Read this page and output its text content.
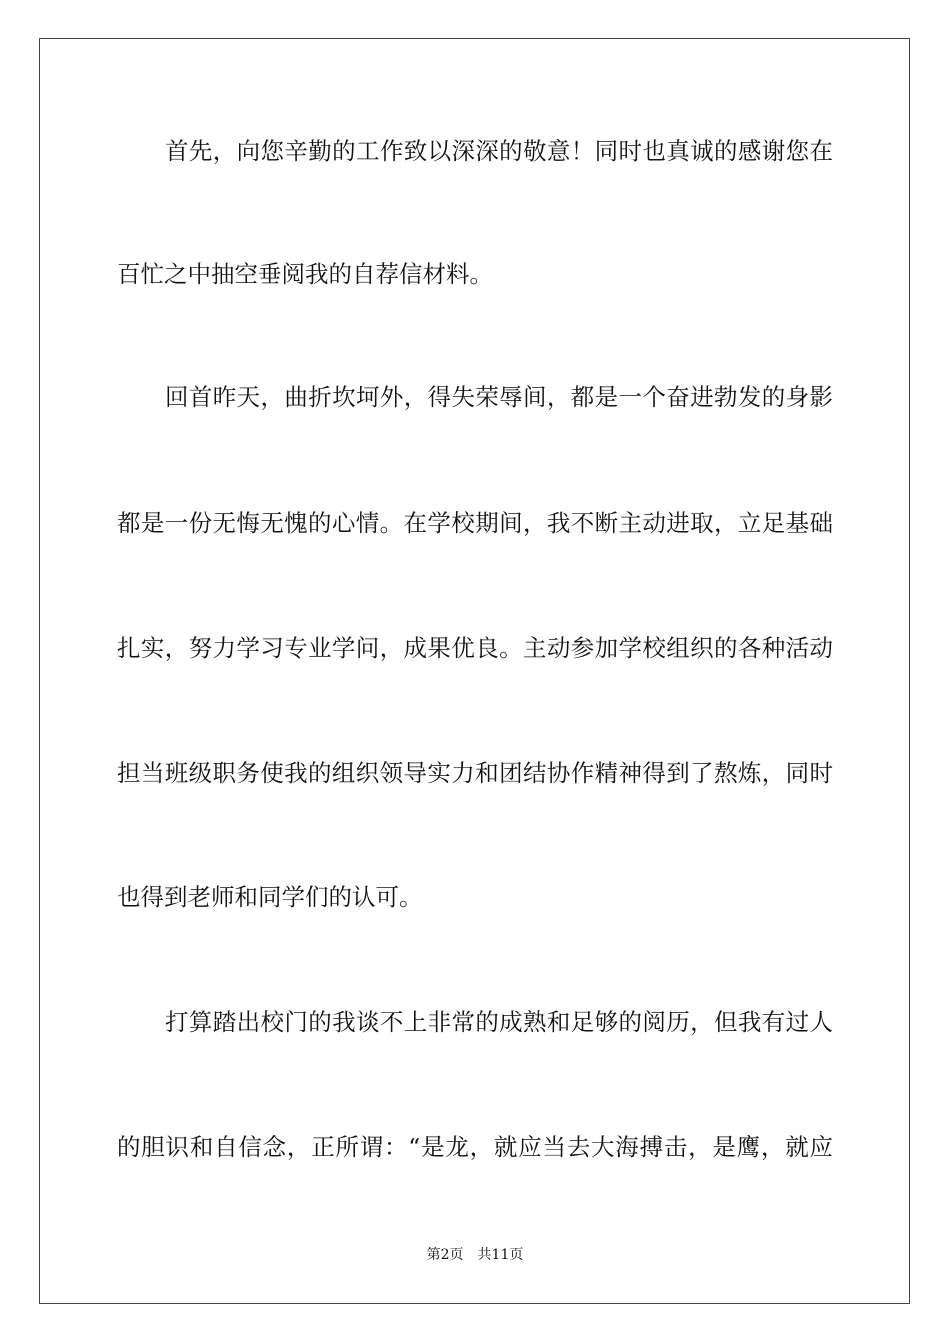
首先，向您辛勤的工作致以深深的敬意！同时也真诚的感谢您在
百忙之中抽空垂阅我的自荐信材料。
回首昨天，曲折坎坷外，得失荣辱间，都是一个奋进勃发的身影
都是一份无悔无愧的心情。在学校期间，我不断主动进取，立足基础
扎实，努力学习专业学问，成果优良。主动参加学校组织的各种活动
担当班级职务使我的组织领导实力和团结协作精神得到了熬炼，同时
也得到老师和同学们的认可。
打算踏出校门的我谈不上非常的成熟和足够的阅历，但我有过人
的胆识和自信念，正所谓：“是龙，就应当去大海搏击，是鹰，就应
第2页 共11页
